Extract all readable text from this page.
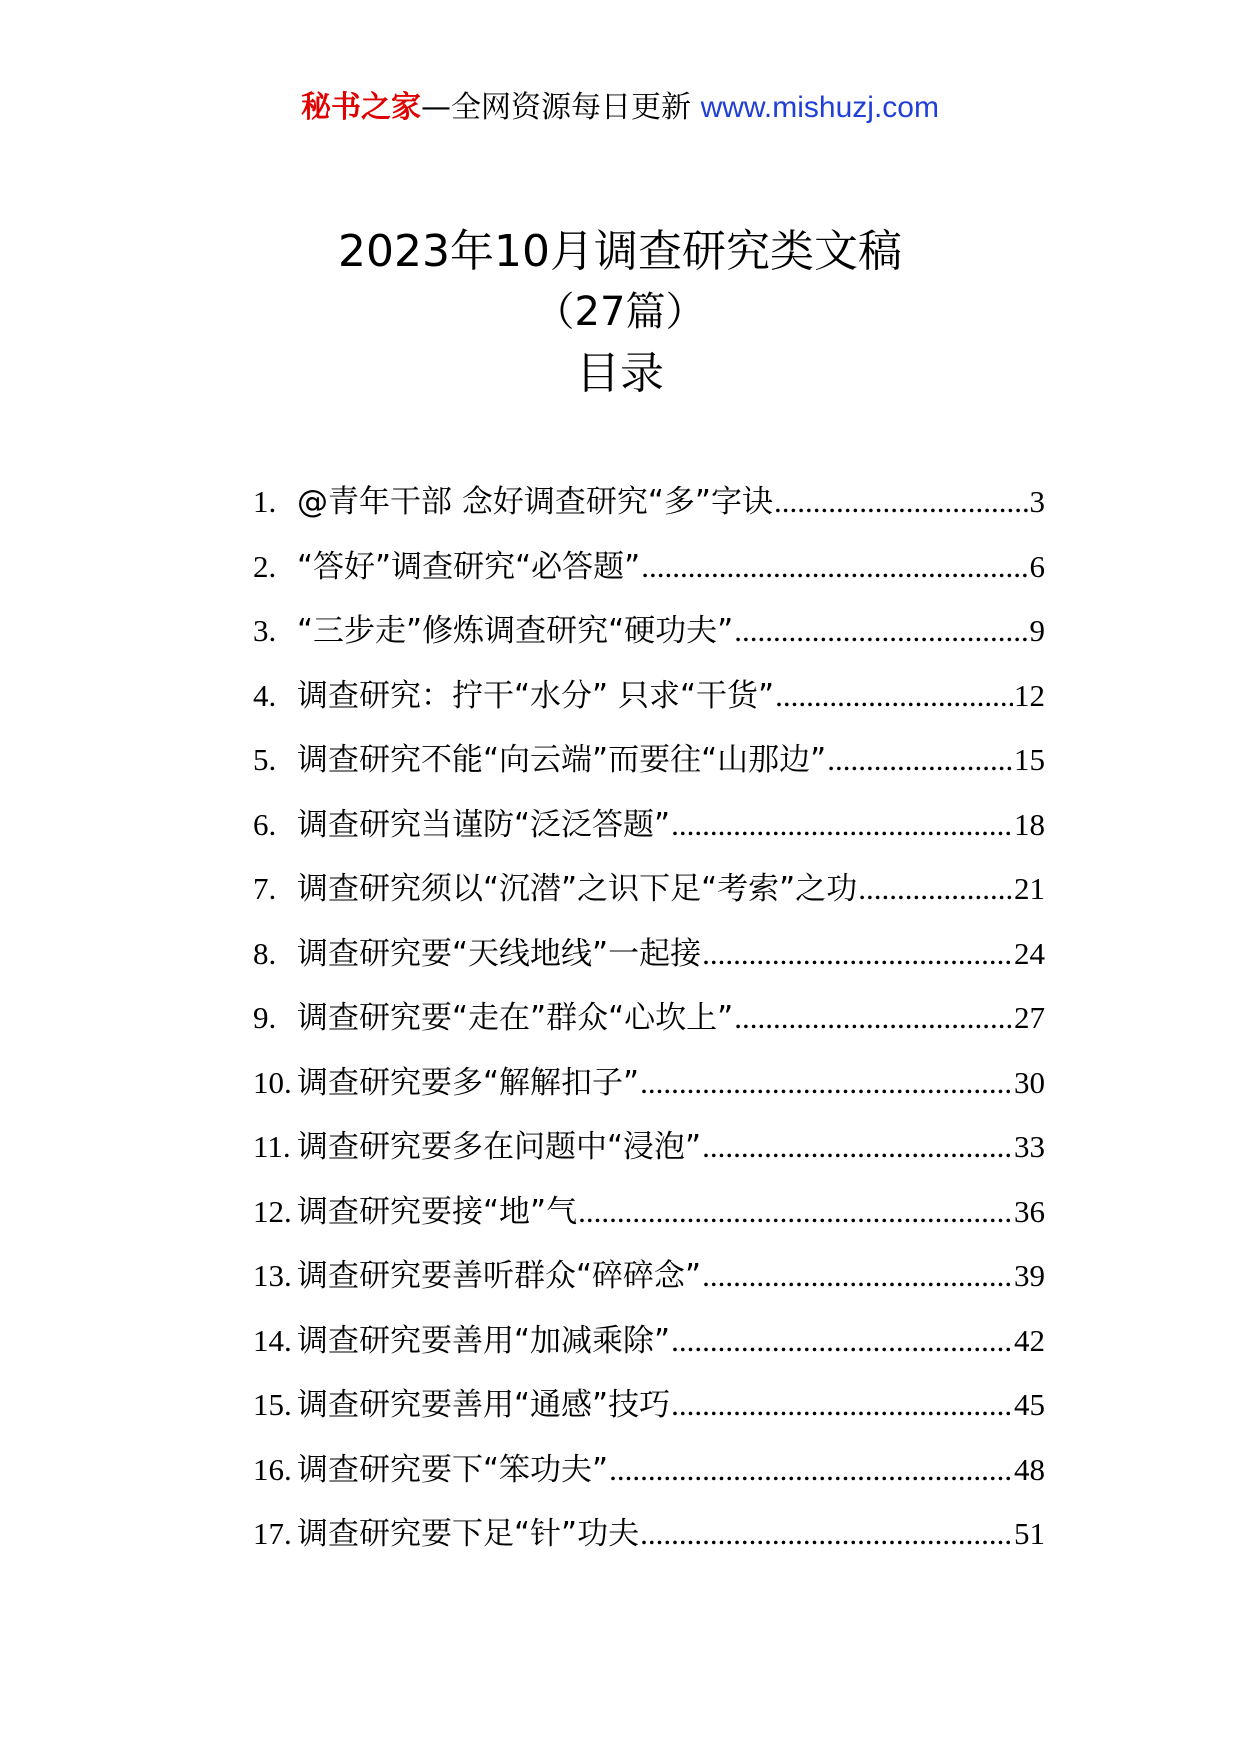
秘书之家—全网资源每日更新 www.mishuzj.com
2023年10月调查研究类文稿
（27篇）
目录
1. @青年干部 念好调查研究“多”字诀 .....	3
2. “答好”调查研究“必答题” .....	6
3. “三步走”修炼调查研究“硬功夫” .....	9
4. 调查研究：拧干“水分” 只求“干货” .....	12
5. 调查研究不能“向云端”而要往“山那边” .....	15
6. 调查研究当谨防“泛泛答题” .....	18
7. 调查研究须以“沉潜”之识下足“考索”之功 .....	21
8. 调查研究要“天线地线”一起接 .....	24
9. 调查研究要“走在”群众“心坎上” .....	27
10. 调查研究要多“解解扣子” .....	30
11. 调查研究要多在问题中“浸泡” .....	33
12. 调查研究要接“地”气 .....	36
13. 调查研究要善听群众“碎碎念” .....	39
14. 调查研究要善用“加减乘除” .....	42
15. 调查研究要善用“通感”技巧 .....	45
16. 调查研究要下“笨功夫” .....	48
17. 调查研究要下足“针”功夫 .....	51
